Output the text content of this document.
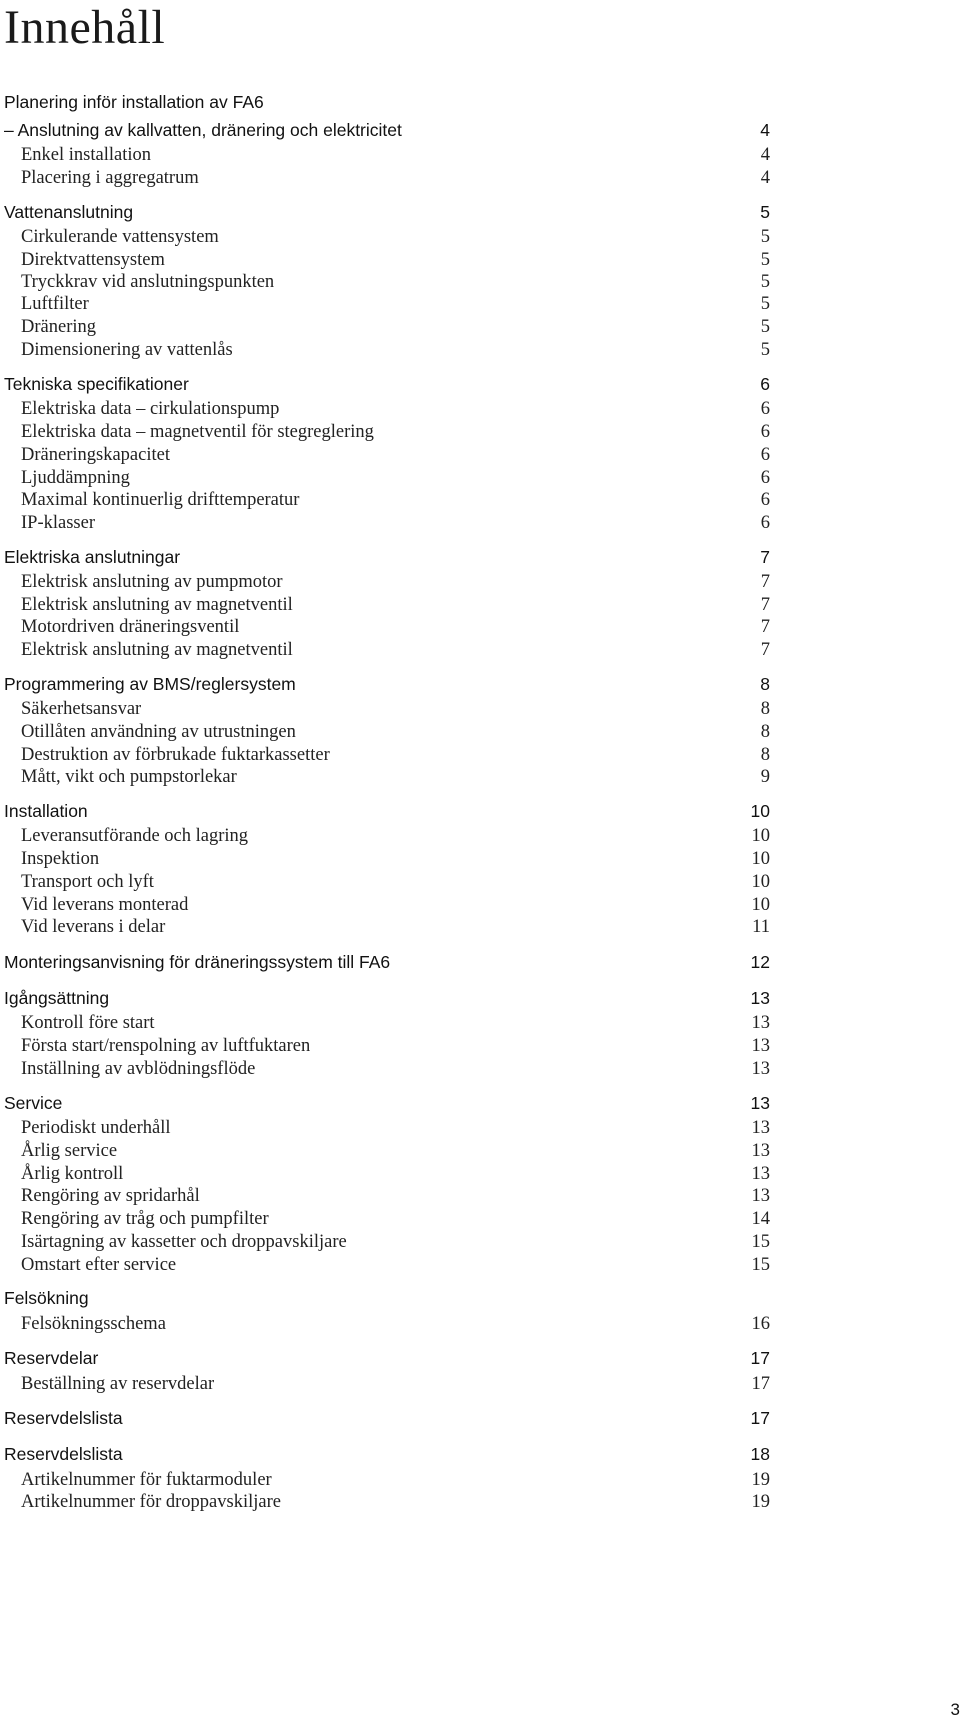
Innehåll
Planering inför installation av FA6
– Anslutning av kallvatten, dränering och elektricitet	4
Enkel installation	4
Placering i aggregatrum	4
Vattenanslutning	5
Cirkulerande vattensystem	5
Direktvattensystem	5
Tryckkrav vid anslutningspunkten	5
Luftfilter	5
Dränering	5
Dimensionering av vattenlås	5
Tekniska specifikationer	6
Elektriska data – cirkulationspump	6
Elektriska data – magnetventil för stegreglering	6
Dräneringskapacitet	6
Ljuddämpning	6
Maximal kontinuerlig drifttemperatur	6
IP-klasser	6
Elektriska anslutningar	7
Elektrisk anslutning av pumpmotor	7
Elektrisk anslutning av magnetventil	7
Motordriven dräneringsventil	7
Elektrisk anslutning av magnetventil	7
Programmering av BMS/reglersystem	8
Säkerhetsansvar	8
Otillåten användning av utrustningen	8
Destruktion av förbrukade fuktarkassetter	8
Mått, vikt och pumpstorlekar	9
Installation	10
Leveransutförande och lagring	10
Inspektion	10
Transport och lyft	10
Vid leverans monterad	10
Vid leverans i delar	11
Monteringsanvisning för dräneringssystem till FA6	12
Igångsättning	13
Kontroll före start	13
Första start/renspolning av luftfuktaren	13
Inställning av avblödningsflöde	13
Service	13
Periodiskt underhåll	13
Årlig service	13
Årlig kontroll	13
Rengöring av spridarhål	13
Rengöring av tråg och pumpfilter	14
Isärtagning av kassetter och droppavskiljare	15
Omstart efter service	15
Felsökning
Felsökningsschema	16
Reservdelar	17
Beställning av reservdelar	17
Reservdelslista	17
Reservdelslista	18
Artikelnummer för fuktarmoduler	19
Artikelnummer för droppavskiljare	19
3
